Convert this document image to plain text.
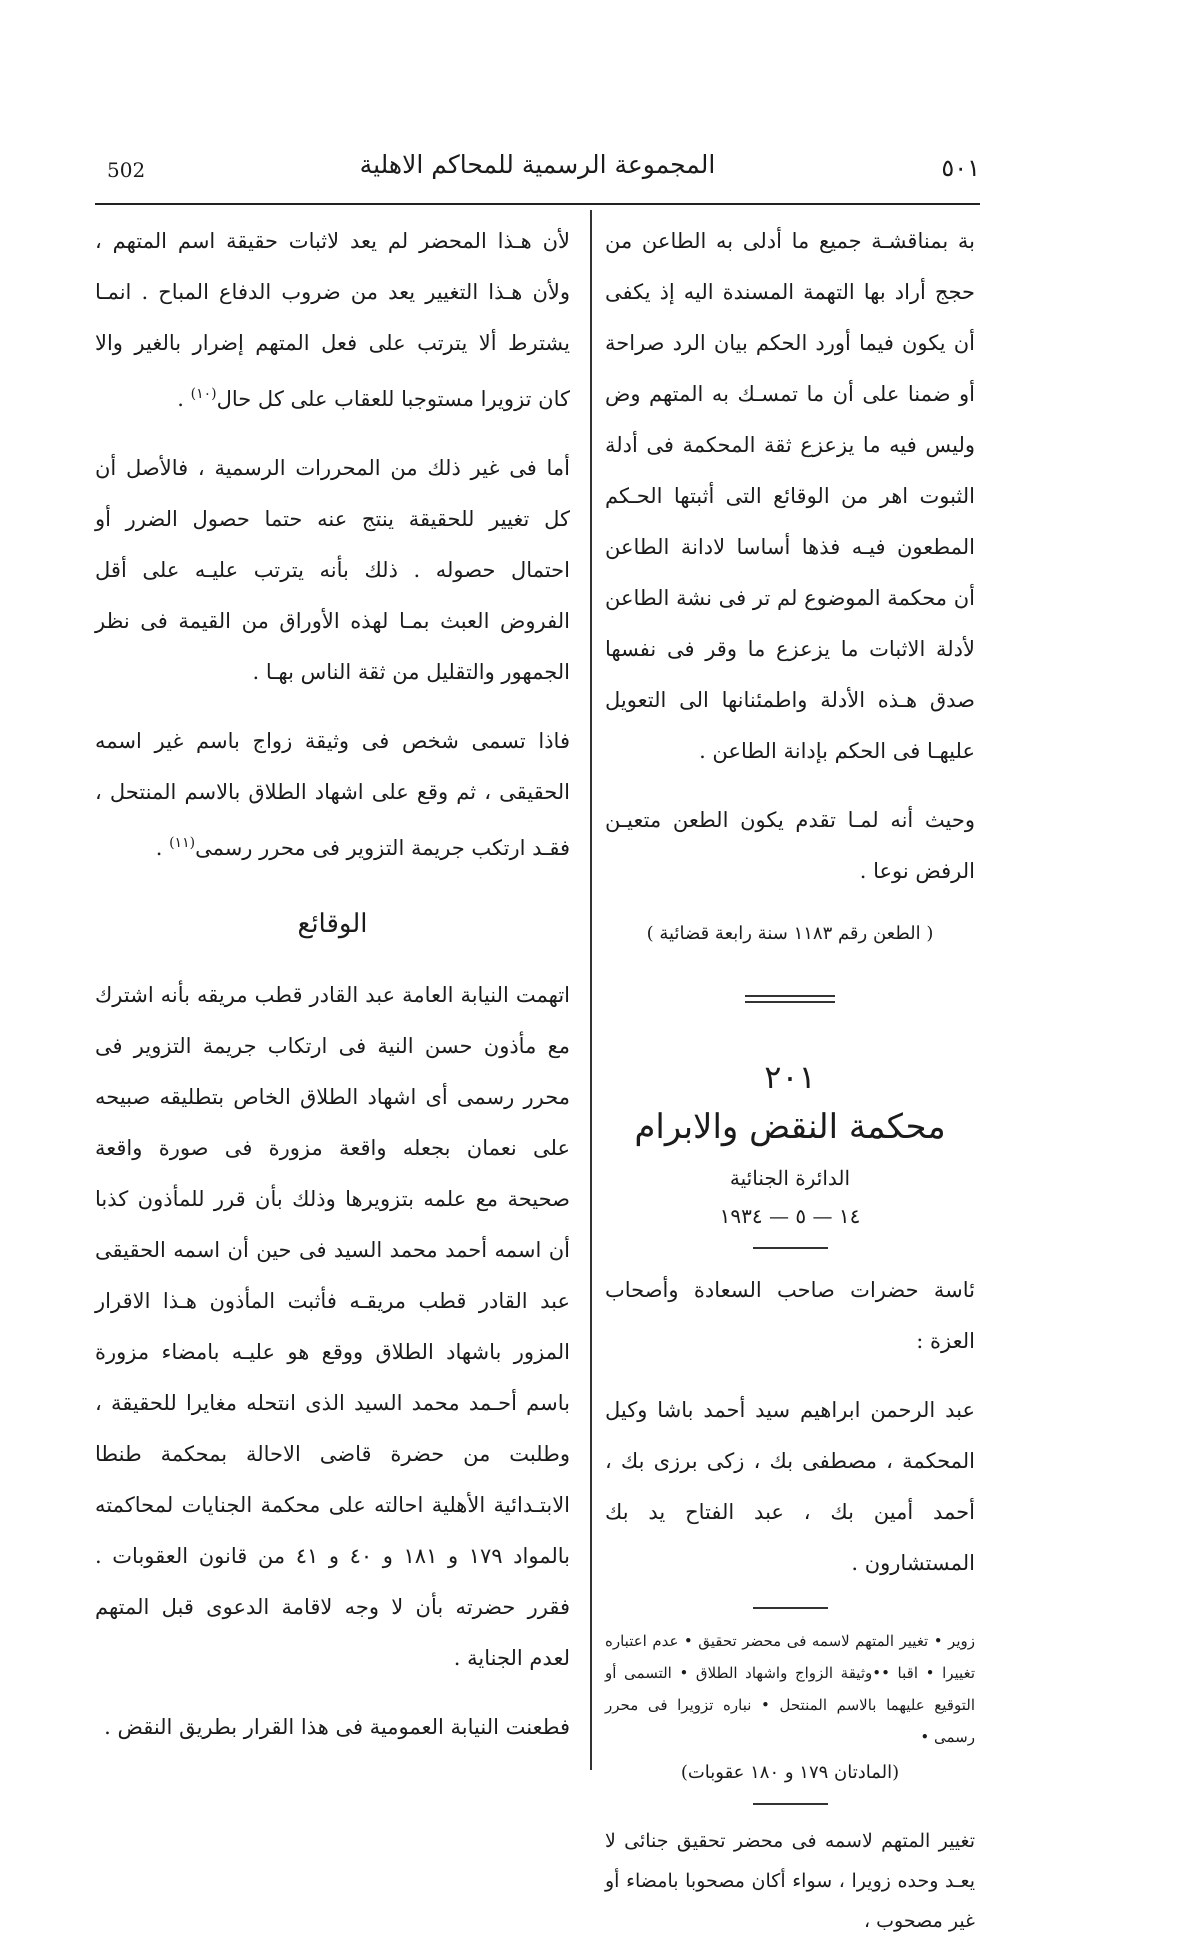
502	المجموعة الرسمية للمحاكم الاهلية	٥٠١

لأن هـذا المحضر لم يعد لاثبات حقيقة اسم المتهم ، ولأن هـذا التغيير يعد من ضروب الدفاع المباح . انمـا يشترط ألا يترتب على فعل المتهم إضرار بالغير والا كان تزويرا مستوجبا للعقاب على كل حال$^{(١٠)}$ .

أما فى غير ذلك من المحررات الرسمية ، فالأصل أن كل تغيير للحقيقة ينتج عنه حتما حصول الضرر أو احتمال حصوله . ذلك بأنه يترتب عليـه على أقل الفروض العبث بمـا لهذه الأوراق من القيمة فى نظر الجمهور والتقليل من ثقة الناس بهـا .

فاذا تسمى شخص فى وثيقة زواج باسم غير اسمه الحقيقى ، ثم وقع على اشهاد الطلاق بالاسم المنتحل ، فقـد ارتكب جريمة التزوير فى محرر رسمى$^{(١١)}$ .

الوقائع

اتهمت النيابة العامة عبد القادر قطب مريقه بأنه اشترك مع مأذون حسن النية فى ارتكاب جريمة التزوير فى محرر رسمى أى اشهاد الطلاق الخاص بتطليقه صبيحه على نعمان بجعله واقعة مزورة فى صورة واقعة صحيحة مع علمه بتزويرها وذلك بأن قرر للمأذون كذبا أن اسمه أحمد محمد السيد فى حين أن اسمه الحقيقى عبد القادر قطب مريقـه فأثبت المأذون هـذا الاقرار المزور باشهاد الطلاق ووقع هو عليـه بامضاء مزورة باسم أحـمد محمد السيد الذى انتحله مغايرا للحقيقة ، وطلبت من حضرة قاضى الاحالة بمحكمة طنطا الابتـدائية الأهلية احالته على محكمة الجنايات لمحاكمته بالمواد ١٧٩ و ١٨١ و ٤٠ و ٤١ من قانون العقوبات . فقرر حضرته بأن لا وجه لاقامة الدعوى قبل المتهم لعدم الجناية .

فطعنت النيابة العمومية فى هذا القرار بطريق النقض .

بة بمناقشـة جميع ما أدلى به الطاعن من حجج أراد بها التهمة المسندة اليه إذ يكفى أن يكون فيما أورد الحكم بيان الرد صراحة أو ضمنا على أن ما تمسـك به المتهم وض وليس فيه ما يزعزع ثقة المحكمة فى أدلة الثبوت اهر من الوقائع التى أثبتها الحـكم المطعون فيـه فذها أساسا لادانة الطاعن أن محكمة الموضوع لم تر فى نشة الطاعن لأدلة الاثبات ما يزعزع ما وقر فى نفسها صدق هـذه الأدلة واطمئنانها الى التعويل عليهـا فى الحكم بإدانة الطاعن .

وحيث أنه لمـا تقدم يكون الطعن متعيـن الرفض نوعا .

( الطعن رقم ١١٨٣ سنة رابعة قضائية )
٢٠١
محكمة النقض والابرام
الدائرة الجنائية
١٤ — ٥ — ١٩٣٤

ئاسة حضرات صاحب السعادة وأصحاب العزة :

عبد الرحمن ابراهيم سيد أحمد باشا وكيل المحكمة ، مصطفى بك ، زكى برزى بك ، أحمد أمين بك ، عبد الفتاح يد بك المستشارون .

زوير • تغيير المتهم لاسمه فى محضر تحقيق • عدم اعتباره تغييرا • اقبا ••وثيقة الزواج واشهاد الطلاق • التسمى أو التوقيع عليهما بالاسم المنتحل • نباره تزويرا فى محرر رسمى •

(المادتان ١٧٩ و ١٨٠ عقوبات)

تغيير المتهم لاسمه فى محضر تحقيق جنائى لا يعـد وحده زويرا ، سواء أكان مصحوبا بامضاء أو غير مصحوب ،
